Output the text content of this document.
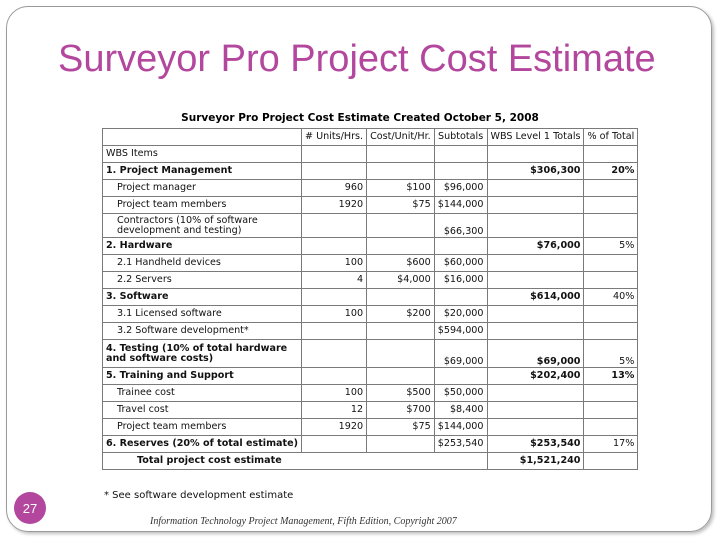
Surveyor Pro Project Cost Estimate
Surveyor Pro Project Cost Estimate Created October 5, 2008
	# Units/Hrs.	Cost/Unit/Hr.	Subtotals	WBS Level 1 Totals	% of Total
WBS Items					
1. Project Management				$306,300	20%
Project manager	960	$100	$96,000		
Project team members	1920	$75	$144,000		
Contractors (10% of software development and testing)			$66,300		
2. Hardware				$76,000	5%
2.1 Handheld devices	100	$600	$60,000		
2.2 Servers	4	$4,000	$16,000		
3. Software				$614,000	40%
3.1 Licensed software	100	$200	$20,000		
3.2 Software development*			$594,000		
4. Testing (10% of total hardware and software costs)			$69,000	$69,000	5%
5. Training and Support				$202,400	13%
Trainee cost	100	$500	$50,000		
Travel cost	12	$700	$8,400		
Project team members	1920	$75	$144,000		
6. Reserves (20% of total estimate)			$253,540	$253,540	17%
Total project cost estimate				$1,521,240	
* See software development estimate
27
Information Technology Project Management, Fifth Edition, Copyright 2007
